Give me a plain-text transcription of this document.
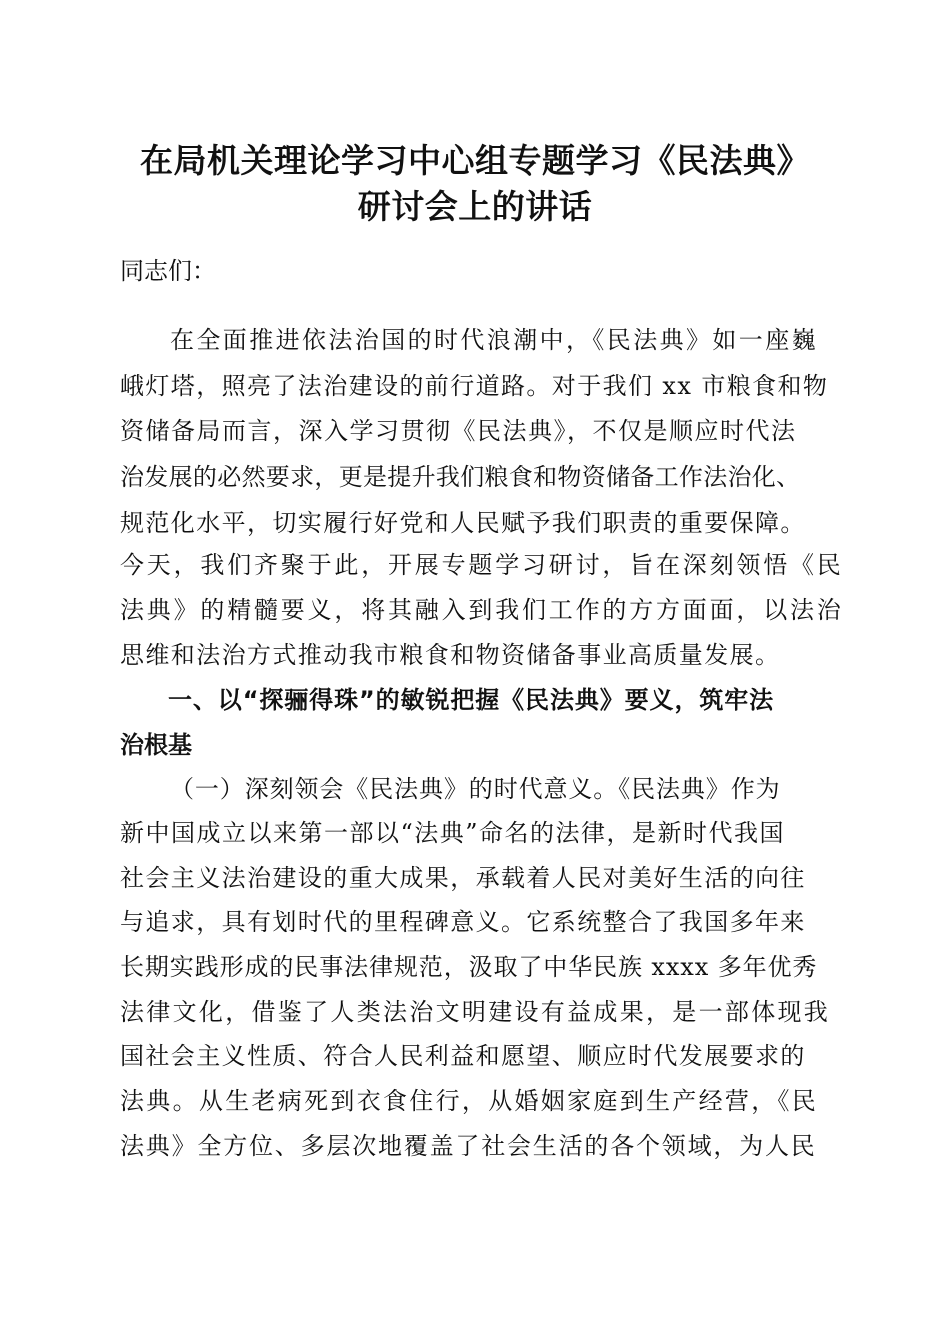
在局机关理论学习中心组专题学习《民法典》
研讨会上的讲话
同志们：
在全面推进依法治国的时代浪潮中，《民法典》如一座巍
峨灯塔，照亮了法治建设的前行道路。对于我们 xx 市粮食和物
资储备局而言，深入学习贯彻《民法典》，不仅是顺应时代法
治发展的必然要求，更是提升我们粮食和物资储备工作法治化、
规范化水平，切实履行好党和人民赋予我们职责的重要保障。
今天，我们齐聚于此，开展专题学习研讨，旨在深刻领悟《民
法典》的精髓要义，将其融入到我们工作的方方面面，以法治
思维和法治方式推动我市粮食和物资储备事业高质量发展。
一、以“探骊得珠”的敏锐把握《民法典》要义，筑牢法
治根基
（一）深刻领会《民法典》的时代意义。《民法典》作为
新中国成立以来第一部以“法典”命名的法律，是新时代我国
社会主义法治建设的重大成果，承载着人民对美好生活的向往
与追求，具有划时代的里程碑意义。它系统整合了我国多年来
长期实践形成的民事法律规范，汲取了中华民族 xxxx 多年优秀
法律文化，借鉴了人类法治文明建设有益成果，是一部体现我
国社会主义性质、符合人民利益和愿望、顺应时代发展要求的
法典。从生老病死到衣食住行，从婚姻家庭到生产经营，《民
法典》全方位、多层次地覆盖了社会生活的各个领域，为人民
